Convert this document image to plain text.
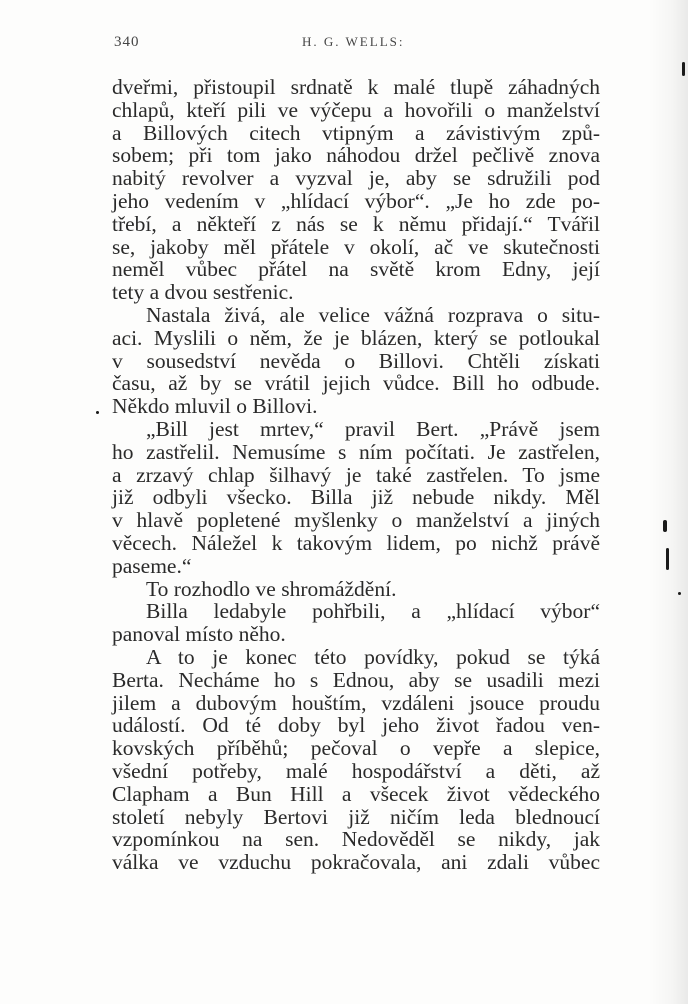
340	H. G. WELLS:
dveřmi, přistoupil srdnatě k malé tlupě záhadných
chlapů, kteří pili ve výčepu a hovořili o manželství
a Billových citech vtipným a závistivým způ-
sobem; při tom jako náhodou držel pečlivě znova
nabitý revolver a vyzval je, aby se sdružili pod
jeho vedením v „hlídací výbor“. „Je ho zde po-
třebí, a někteří z nás se k němu přidají.“ Tvářil
se, jakoby měl přátele v okolí, ač ve skutečnosti
neměl vůbec přátel na světě krom Edny, její
tety a dvou sestřenic.
Nastala živá, ale velice vážná rozprava o situ-
aci. Myslili o něm, že je blázen, který se potloukal
v sousedství nevěda o Billovi. Chtěli získati
času, až by se vrátil jejich vůdce. Bill ho odbude.
Někdo mluvil o Billovi.
„Bill jest mrtev,“ pravil Bert. „Právě jsem
ho zastřelil. Nemusíme s ním počítati. Je zastřelen,
a zrzavý chlap šilhavý je také zastřelen. To jsme
již odbyli všecko. Billa již nebude nikdy. Měl
v hlavě popletené myšlenky o manželství a jiných
věcech. Náležel k takovým lidem, po nichž právě
paseme.“
To rozhodlo ve shromáždění.
Billa ledabyle pohřbili, a „hlídací výbor“
panoval místo něho.
A to je konec této povídky, pokud se týká
Berta. Necháme ho s Ednou, aby se usadili mezi
jilem a dubovým houštím, vzdáleni jsouce proudu
událostí. Od té doby byl jeho život řadou ven-
kovských příběhů; pečoval o vepře a slepice,
všední potřeby, malé hospodářství a děti, až
Clapham a Bun Hill a všecek život vědeckého
století nebyly Bertovi již ničím leda blednoucí
vzpomínkou na sen. Nedověděl se nikdy, jak
válka ve vzduchu pokračovala, ani zdali vůbec
